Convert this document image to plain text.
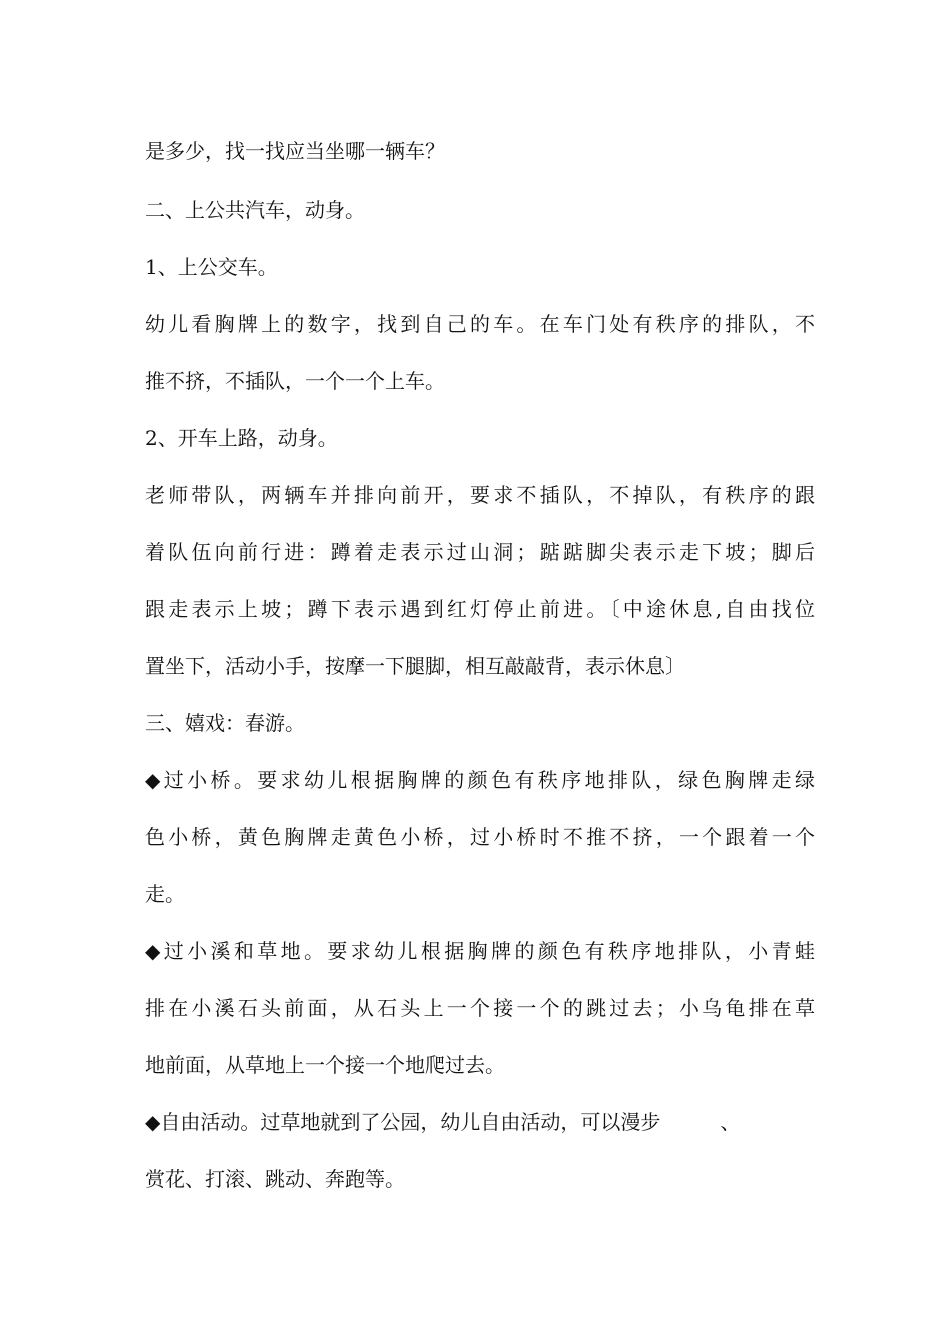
是多少，找一找应当坐哪一辆车？
二、上公共汽车，动身。
1、上公交车。
幼儿看胸牌上的数字，找到自己的车。在车门处有秩序的排队，不
推不挤，不插队，一个一个上车。
2、开车上路，动身。
老师带队，两辆车并排向前开，要求不插队，不掉队，有秩序的跟
着队伍向前行进：蹲着走表示过山洞；踮踮脚尖表示走下坡；脚后
跟走表示上坡；蹲下表示遇到红灯停止前进。〔中途休息,自由找位
置坐下，活动小手，按摩一下腿脚，相互敲敲背，表示休息〕
三、嬉戏：春游。
◆过小桥。要求幼儿根据胸牌的颜色有秩序地排队，绿色胸牌走绿
色小桥，黄色胸牌走黄色小桥，过小桥时不推不挤，一个跟着一个
走。
◆过小溪和草地。要求幼儿根据胸牌的颜色有秩序地排队，小青蛙
排在小溪石头前面，从石头上一个接一个的跳过去；小乌龟排在草
地前面，从草地上一个接一个地爬过去。
◆自由活动。过草地就到了公园，幼儿自由活动，可以漫步　　　、
赏花、打滚、跳动、奔跑等。
